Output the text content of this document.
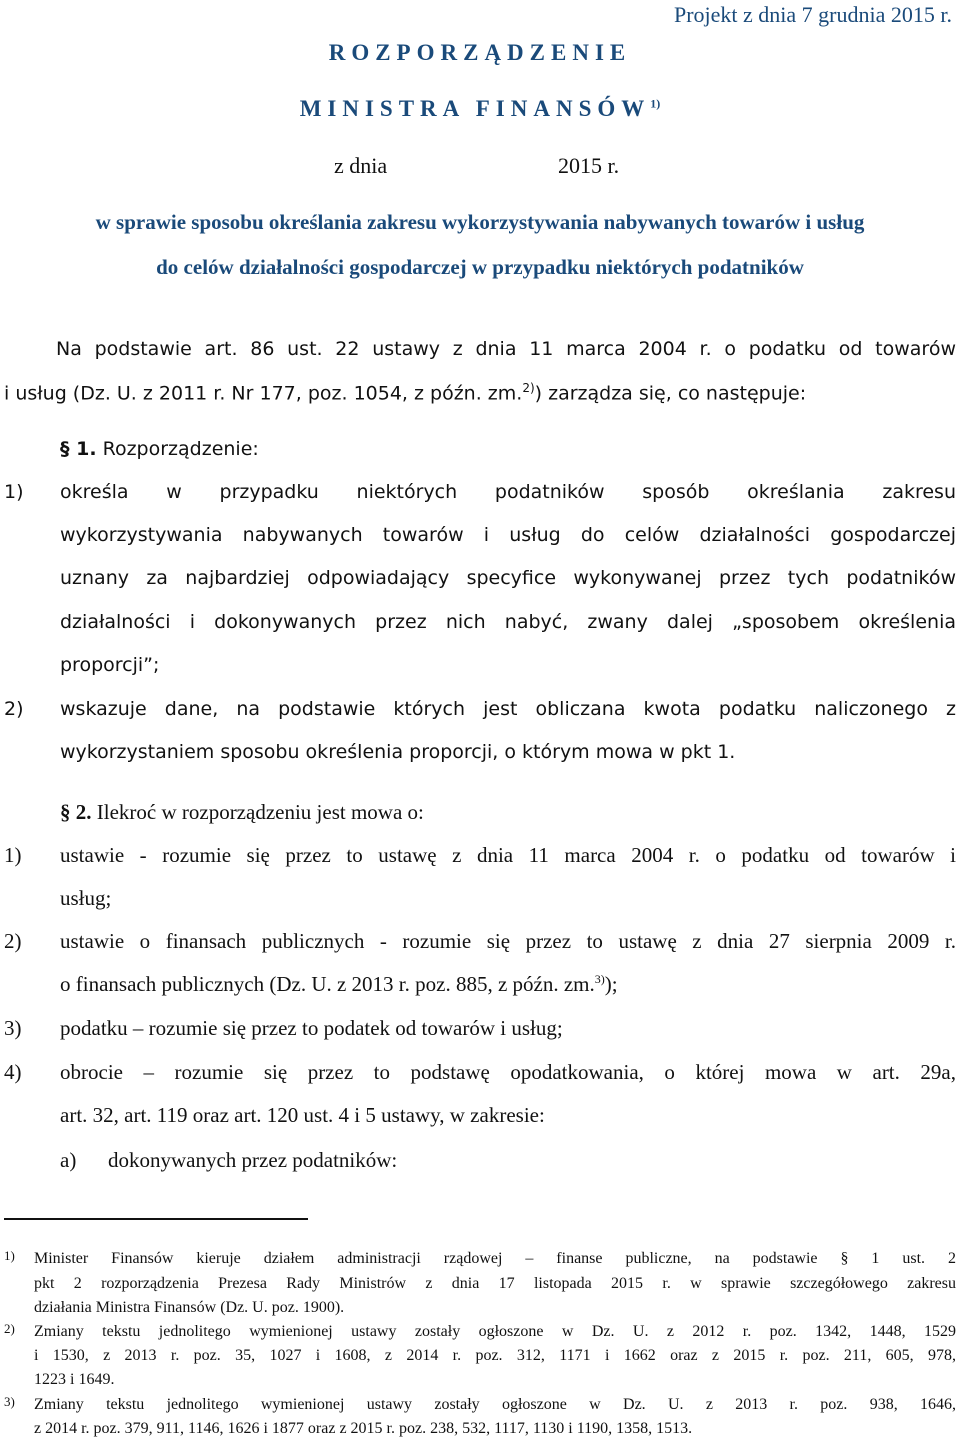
Projekt z dnia 7 grudnia 2015 r.
ROZPORZĄDZENIE
MINISTRA FINANSÓW$^{1)}$
z dnia	2015 r.
w sprawie sposobu określania zakresu wykorzystywania nabywanych towarów i usług
do celów działalności gospodarczej w przypadku niektórych podatników
Na podstawie art. 86 ust. 22 ustawy z dnia 11 marca 2004 r. o podatku od towarów
i usług (Dz. U. z 2011 r. Nr 177, poz. 1054, z późn. zm.$^{2)}$) zarządza się, co następuje:
§ 1. Rozporządzenie:
1) określa w przypadku niektórych podatników sposób określania zakresu
wykorzystywania nabywanych towarów i usług do celów działalności gospodarczej
uznany za najbardziej odpowiadający specyfice wykonywanej przez tych podatników
działalności i dokonywanych przez nich nabyć, zwany dalej „sposobem określenia
proporcji”;
2) wskazuje dane, na podstawie których jest obliczana kwota podatku naliczonego z
wykorzystaniem sposobu określenia proporcji, o którym mowa w pkt 1.
§ 2. Ilekroć w rozporządzeniu jest mowa o:
1) ustawie - rozumie się przez to ustawę z dnia 11 marca 2004 r. o podatku od towarów i
usług;
2) ustawie o finansach publicznych - rozumie się przez to ustawę z dnia 27 sierpnia 2009 r.
o finansach publicznych (Dz. U. z 2013 r. poz. 885, z późn. zm.$^{3)}$);
3) podatku – rozumie się przez to podatek od towarów i usług;
4) obrocie – rozumie się przez to podstawę opodatkowania, o której mowa w art. 29a,
art. 32, art. 119 oraz art. 120 ust. 4 i 5 ustawy, w zakresie:
a) dokonywanych przez podatników:
1) Minister Finansów kieruje działem administracji rządowej – finanse publiczne, na podstawie § 1 ust. 2
pkt 2 rozporządzenia Prezesa Rady Ministrów z dnia 17 listopada 2015 r. w sprawie szczegółowego zakresu
działania Ministra Finansów (Dz. U. poz. 1900).
2) Zmiany tekstu jednolitego wymienionej ustawy zostały ogłoszone w Dz. U. z 2012 r. poz. 1342, 1448, 1529
i 1530, z 2013 r. poz. 35, 1027 i 1608, z 2014 r. poz. 312, 1171 i 1662 oraz z 2015 r. poz. 211, 605, 978,
1223 i 1649.
3) Zmiany tekstu jednolitego wymienionej ustawy zostały ogłoszone w Dz. U. z 2013 r. poz. 938, 1646,
z 2014 r. poz. 379, 911, 1146, 1626 i 1877 oraz z 2015 r. poz. 238, 532, 1117, 1130 i 1190, 1358, 1513.
